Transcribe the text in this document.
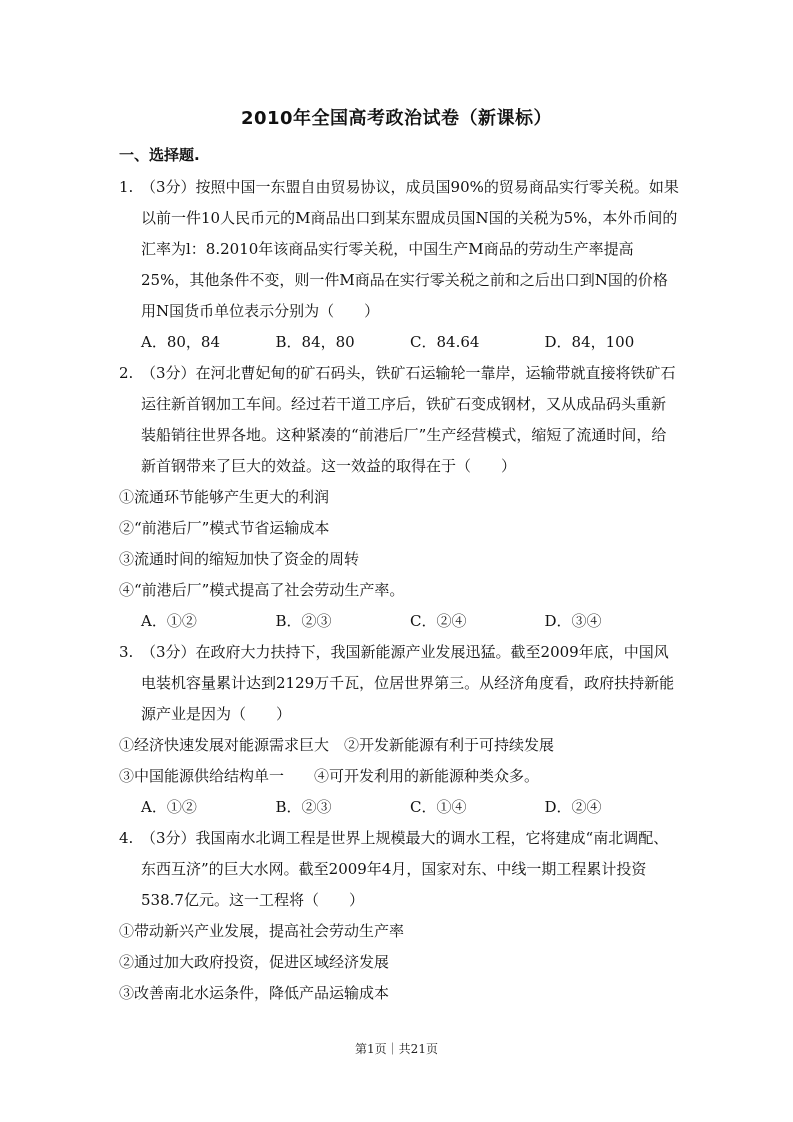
2010年全国高考政治试卷（新课标）
一、选择题.

1. （3分）按照中国一东盟自由贸易协议，成员国90%的贸易商品实行零关税。如果以前一件10人民币元的M商品出口到某东盟成员国N国的关税为5%，本外币间的汇率为l：8.2010年该商品实行零关税，中国生产M商品的劳动生产率提高25%，其他条件不变，则一件M商品在实行零关税之前和之后出口到N国的价格用N国货币单位表示分别为（　　）

A．80，84	B．84，80	C．84.64	D．84，100

2. （3分）在河北曹妃甸的矿石码头，铁矿石运输轮一靠岸，运输带就直接将铁矿石运往新首钢加工车间。经过若干道工序后，铁矿石变成钢材，又从成品码头重新装船销往世界各地。这种紧凑的“前港后厂”生产经营模式，缩短了流通时间，给新首钢带来了巨大的效益。这一效益的取得在于（　　）

①流通环节能够产生更大的利润

②“前港后厂”模式节省运输成本

③流通时间的缩短加快了资金的周转

④“前港后厂”模式提高了社会劳动生产率。

A．①②	B．②③	C．②④	D．③④

3. （3分）在政府大力扶持下，我国新能源产业发展迅猛。截至2009年底，中国风电装机容量累计达到2129万千瓦，位居世界第三。从经济角度看，政府扶持新能源产业是因为（　　）

①经济快速发展对能源需求巨大　②开发新能源有利于可持续发展

③中国能源供给结构单一　　④可开发利用的新能源种类众多。

A．①②	B．②③	C．①④	D．②④

4. （3分）我国南水北调工程是世界上规模最大的调水工程，它将建成“南北调配、东西互济”的巨大水网。截至2009年4月，国家对东、中线一期工程累计投资538.7亿元。这一工程将（　　）

①带动新兴产业发展，提高社会劳动生产率

②通过加大政府投资，促进区域经济发展

③改善南北水运条件，降低产品运输成本

第1页｜共21页
